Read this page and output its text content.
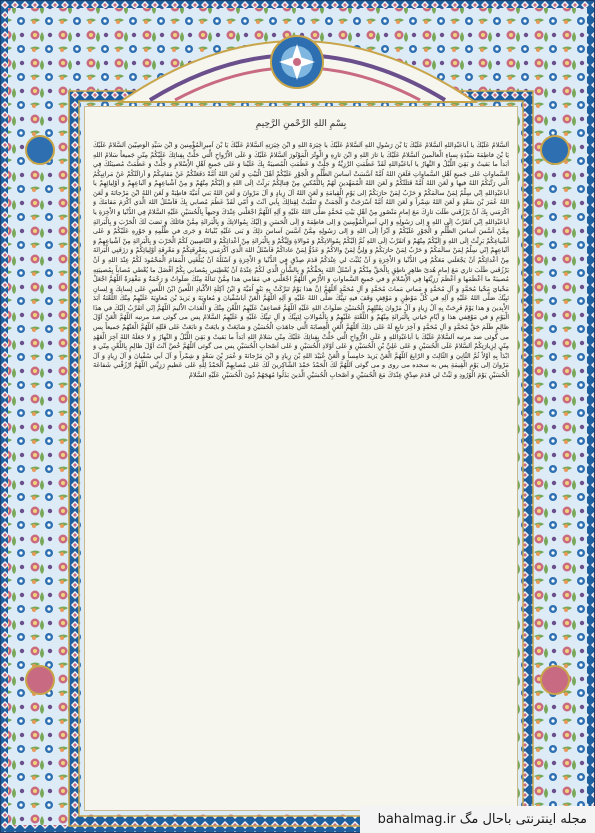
بِسْمِ اللهِ الرَّحْمنِ الرَّحِيمِ

اَلسَّلامُ عَلَيْكَ يا اَباعَبْدِاللهِ اَلسَّلامُ عَلَيْكَ يَا بْنَ رَسُولِ اللهِ اَلسَّلامُ عَلَيْكَ يا خِيَرَةَ اللهِ وَ ابْنَ خِيَرَتِهِ اَلسَّلامُ عَلَيْكَ يَا بْنَ اَميرِالْمُؤْمِنينَ وَ ابْنَ سَيِّدِ الْوَصِيّينَ اَلسَّلامُ عَلَيْكَ يَا بْنَ فاطِمَةَ سَيِّدَةِ نِساءِ الْعالَمينَ اَلسَّلامُ عَلَيْكَ يا ثارَ اللهِ وَ ابْنَ ثارِهِ وَ الْوِتْرَ الْمَوْتُورَ اَلسَّلامُ عَلَيْكَ وَ عَلَى الاَْرْواحِ الَّتي حَلَّتْ بِفِنائِكَ عَلَيْكُمْ مِنّي جَميعاً سَلامُ اللهِ اَبَداً ما بَقيتُ وَ بَقِيَ اللَّيْلُ وَ النَّهارُ يا اَباعَبْدِاللهِ لَقَدْ عَظُمَتِ الرَّزِيَّةُ وَ جَلَّتْ وَ عَظُمَتِ الْمُصيبَةُ بِكَ عَلَيْنا وَ عَلى جَميعِ اَهْلِ الاِْسْلامِ وَ جَلَّتْ وَ عَظُمَتْ مُصيبَتُكَ فِي السَّماواتِ عَلى جَميعِ اَهْلِ السَّماواتِ فَلَعَنَ اللهُ اُمَّةً اَسَّسَتْ اَساسَ الظُّلْمِ وَ الْجَوْرِ عَلَيْكُمْ اَهْلَ الْبَيْتِ وَ لَعَنَ اللهُ اُمَّةً دَفَعَتْكُمْ عَنْ مَقامِكُمْ وَ اَزالَتْكُمْ عَنْ مَراتِبِكُمُ الَّتي رَتَّبَكُمُ اللهُ فيها وَ لَعَنَ اللهُ اُمَّةً قَتَلَتْكُمْ وَ لَعَنَ اللهُ الْمُمَهِّدينَ لَهُمْ بِالتَّمْكينِ مِنْ قِتالِكُمْ بَرِئْتُ اِلَى اللهِ وَ اِلَيْكُمْ مِنْهُمْ وَ مِنْ اَشْياعِهِمْ وَ اَتْباعِهِمْ وَ اَوْلِيائِهِمْ يا اَباعَبْدِاللهِ اِنّي سِلْمٌ لِمَنْ سالَمَكُمْ وَ حَرْبٌ لِمَنْ حارَبَكُمْ اِلى يَوْمِ الْقِيامَةِ وَ لَعَنَ اللهُ آلَ زِيادٍ وَ آلَ مَرْوانَ وَ لَعَنَ اللهُ بَني اُمَيَّةَ قاطِبَةً وَ لَعَنَ اللهُ ابْنَ مَرْجانَةَ وَ لَعَنَ اللهُ عُمَرَ بْنَ سَعْدٍ وَ لَعَنَ اللهُ شِمْراً وَ لَعَنَ اللهُ اُمَّةً اَسْرَجَتْ وَ اَلْجَمَتْ وَ تَنَقَّبَتْ لِقِتالِكَ بِاَبي اَنْتَ وَ اُمّي لَقَدْ عَظُمَ مُصابي بِكَ فَاَسْئَلُ اللهَ الَّذي اَكْرَمَ مَقامَكَ وَ اَكْرَمَني بِكَ اَنْ يَرْزُقَني طَلَبَ ثارِكَ مَعَ اِمامٍ مَنْصُورٍ مِنْ اَهْلِ بَيْتِ مُحَمَّدٍ صَلَّى اللهُ عَلَيْهِ وَ آلِهِ اَللّهُمَّ اجْعَلْني عِنْدَكَ وَجيهاً بِالْحُسَيْنِ عَلَيْهِ السَّلامُ فِي الدُّنْيا وَ الاْخِرَةِ يا اَباعَبْدِاللهِ اِنّي اَتَقَرَّبُ اِلَى اللهِ وَ اِلى رَسُولِهِ وَ اِلى اَميرِالْمُؤْمِنينَ وَ اِلى فاطِمَةَ وَ اِلَى الْحَسَنِ وَ اِلَيْكَ بِمُوالاتِكَ وَ بِالْبَرائَةِ مِمَّنْ قاتَلَكَ وَ نَصَبَ لَكَ الْحَرْبَ وَ بِالْبَرائَةِ مِمَّنْ اَسَّسَ اَساسَ الظُّلْمِ وَ الْجَوْرِ عَلَيْكُمْ وَ اَبْرَأُ اِلَى اللهِ وَ اِلى رَسُولِهِ مِمَّنْ اَسَّسَ اَساسَ ذلِكَ وَ بَنى عَلَيْهِ بُنْيانَهُ وَ جَرى في ظُلْمِهِ وَ جَوْرِهِ عَلَيْكُمْ وَ عَلى اَشْياعِكُمْ بَرِئْتُ اِلَى اللهِ وَ اِلَيْكُمْ مِنْهُمْ وَ اَتَقَرَّبُ اِلَى اللهِ ثُمَّ اِلَيْكُمْ بِمُوالاتِكُمْ وَ مُوالاةِ وَلِيِّكُمْ وَ بِالْبَرائَةِ مِنْ اَعْدائِكُمْ وَ النّاصِبينَ لَكُمُ الْحَرْبَ وَ بِالْبَرائَةِ مِنْ اَشْياعِهِمْ وَ اَتْباعِهِمْ اِنّي سِلْمٌ لِمَنْ سالَمَكُمْ وَ حَرْبٌ لِمَنْ حارَبَكُمْ وَ وَلِيٌّ لِمَنْ والاكُمْ وَ عَدُوٌّ لِمَنْ عاداكُمْ فَاَسْئَلُ اللهَ الَّذي اَكْرَمَني بِمَعْرِفَتِكُمْ وَ مَعْرِفَةِ اَوْلِيائِكُمْ وَ رَزَقَنِي الْبَرائَةَ مِنْ اَعْدائِكُمْ اَنْ يَجْعَلَني مَعَكُمْ فِي الدُّنْيا وَ الاْخِرَةِ وَ اَنْ يُثَبِّتَ لي عِنْدَكُمْ قَدَمَ صِدْقٍ فِي الدُّنْيا وَ الاْخِرَةِ وَ اَسْئَلُهُ اَنْ يُبَلِّغَنِي الْمَقامَ الْمَحْمُودَ لَكُمْ عِنْدَ اللهِ وَ اَنْ يَرْزُقَني طَلَبَ ثاري مَعَ اِمامٍ هُدىً ظاهِرٍ ناطِقٍ بِالْحَقِّ مِنْكُمْ وَ اَسْئَلُ اللهَ بِحَقِّكُمْ وَ بِالشَّأْنِ الَّذي لَكُمْ عِنْدَهُ اَنْ يُعْطِيَني بِمُصابي بِكُمْ اَفْضَلَ ما يُعْطي مُصاباً بِمُصيبَتِهِ مُصيبَةً ما اَعْظَمَها وَ اَعْظَمَ رَزِيَّتَها فِي الاِْسْلامِ وَ في جَميعِ السَّماواتِ وَ الاَْرْضِ اَللّهُمَّ اجْعَلْني في مَقامي هذا مِمَّنْ تَنالُهُ مِنْكَ صَلَواتٌ وَ رَحْمَةٌ وَ مَغْفِرَةٌ اَللّهُمَّ اجْعَلْ مَحْيايَ مَحْيا مُحَمَّدٍ وَ آلِ مُحَمَّدٍ وَ مَماتي مَماتَ مُحَمَّدٍ وَ آلِ مُحَمَّدٍ اَللّهُمَّ اِنَّ هذا يَوْمٌ تَبَرَّكَتْ بِهِ بَنُو اُمَيَّةَ وَ ابْنُ آكِلَةِ الاَْكْبادِ اللَّعينُ ابْنُ اللَّعينِ عَلى لِسانِكَ وَ لِسانِ نَبِيِّكَ صَلَّى اللهُ عَلَيْهِ وَ آلِهِ في كُلِّ مَوْطِنٍ وَ مَوْقِفٍ وَقَفَ فيهِ نَبِيُّكَ صَلَّى اللهُ عَلَيْهِ وَ آلِهِ اَللّهُمَّ الْعَنْ اَباسُفْيانَ وَ مُعاوِيَةَ وَ يَزيدَ بْنَ مُعاوِيَةَ عَلَيْهِمْ مِنْكَ اللَّعْنَةُ اَبَدَ الاْبِدينَ وَ هذا يَوْمٌ فَرِحَتْ بِهِ آلُ زِيادٍ وَ آلُ مَرْوانَ بِقَتْلِهِمُ الْحُسَيْنَ صَلَواتُ اللهِ عَلَيْهِ اَللّهُمَّ فَضاعِفْ عَلَيْهِمُ اللَّعْنَ مِنْكَ وَ الْعَذابَ الاَْليمَ اَللّهُمَّ اِنّي اَتَقَرَّبُ اِلَيْكَ في هذَا الْيَوْمِ وَ في مَوْقِفي هذا وَ اَيّامِ حَياتي بِالْبَرائَةِ مِنْهُمْ وَ اللَّعْنَةِ عَلَيْهِمْ وَ بِالْمُوالاتِ لِنَبِيِّكَ وَ آلِ نَبِيِّكَ عَلَيْهِ وَ عَلَيْهِمُ السَّلامُ پس مى گوئى صد مرتبه اَللّهُمَّ الْعَنْ اَوَّلَ ظالِمٍ ظَلَمَ حَقَّ مُحَمَّدٍ وَ آلِ مُحَمَّدٍ وَ آخِرَ تابِعٍ لَهُ عَلى ذلِكَ اَللّهُمَّ الْعَنِ الْعِصابَةَ الَّتي جاهَدَتِ الْحُسَيْنَ وَ شايَعَتْ وَ بايَعَتْ وَ تابَعَتْ عَلى قَتْلِهِ اَللّهُمَّ الْعَنْهُمْ جَميعاً پس مى گوئى صد مرتبه اَلسَّلامُ عَلَيْكَ يا اَباعَبْدِاللهِ وَ عَلَى الاَْرْواحِ الَّتي حَلَّتْ بِفِنائِكَ عَلَيْكَ مِنّي سَلامُ اللهِ اَبَداً ما بَقيتُ وَ بَقِيَ اللَّيْلُ وَ النَّهارُ وَ لا جَعَلَهُ اللهُ آخِرَ الْعَهْدِ مِنّي لِزِيارَتِكُمْ اَلسَّلامُ عَلَى الْحُسَيْنِ وَ عَلى عَلِيِّ بْنِ الْحُسَيْنِ وَ عَلى اَوْلادِ الْحُسَيْنِ وَ عَلى اَصْحابِ الْحُسَيْنِ پس مى گوئى اَللّهُمَّ خُصَّ اَنْتَ اَوَّلَ ظالِمٍ بِاللَّعْنِ مِنّي وَ ابْدَأْ بِهِ اَوَّلاً ثُمَّ الثّانِيَ وَ الثّالِثَ وَ الرّابِعَ اَللّهُمَّ الْعَنْ يَزيدَ خامِساً وَ الْعَنْ عُبَيْدَ اللهِ بْنَ زِيادٍ وَ ابْنَ مَرْجانَةَ وَ عُمَرَ بْنَ سَعْدٍ وَ شِمْراً وَ آلَ اَبي سُفْيانَ وَ آلَ زِيادٍ وَ آلَ مَرْوانَ اِلى يَوْمِ الْقِيمَةِ پس به سجده مى روى و مى گوئى اَللّهُمَّ لَكَ الْحَمْدُ حَمْدَ الشّاكِرينَ لَكَ عَلى مُصابِهِمْ اَلْحَمْدُ لِلّهِ عَلى عَظيمِ رَزِيَّتي اَللّهُمَّ ارْزُقْني شَفاعَةَ الْحُسَيْنِ يَوْمَ الْوُرُودِ وَ ثَبِّتْ لي قَدَمَ صِدْقٍ عِنْدَكَ مَعَ الْحُسَيْنِ وَ اَصْحابِ الْحُسَيْنِ الَّذينَ بَذَلُوا مُهَجَهُمْ دُونَ الْحُسَيْنِ عَلَيْهِ السَّلامُ

bahalmag.ir مجله اینترنتی باحال مگ
